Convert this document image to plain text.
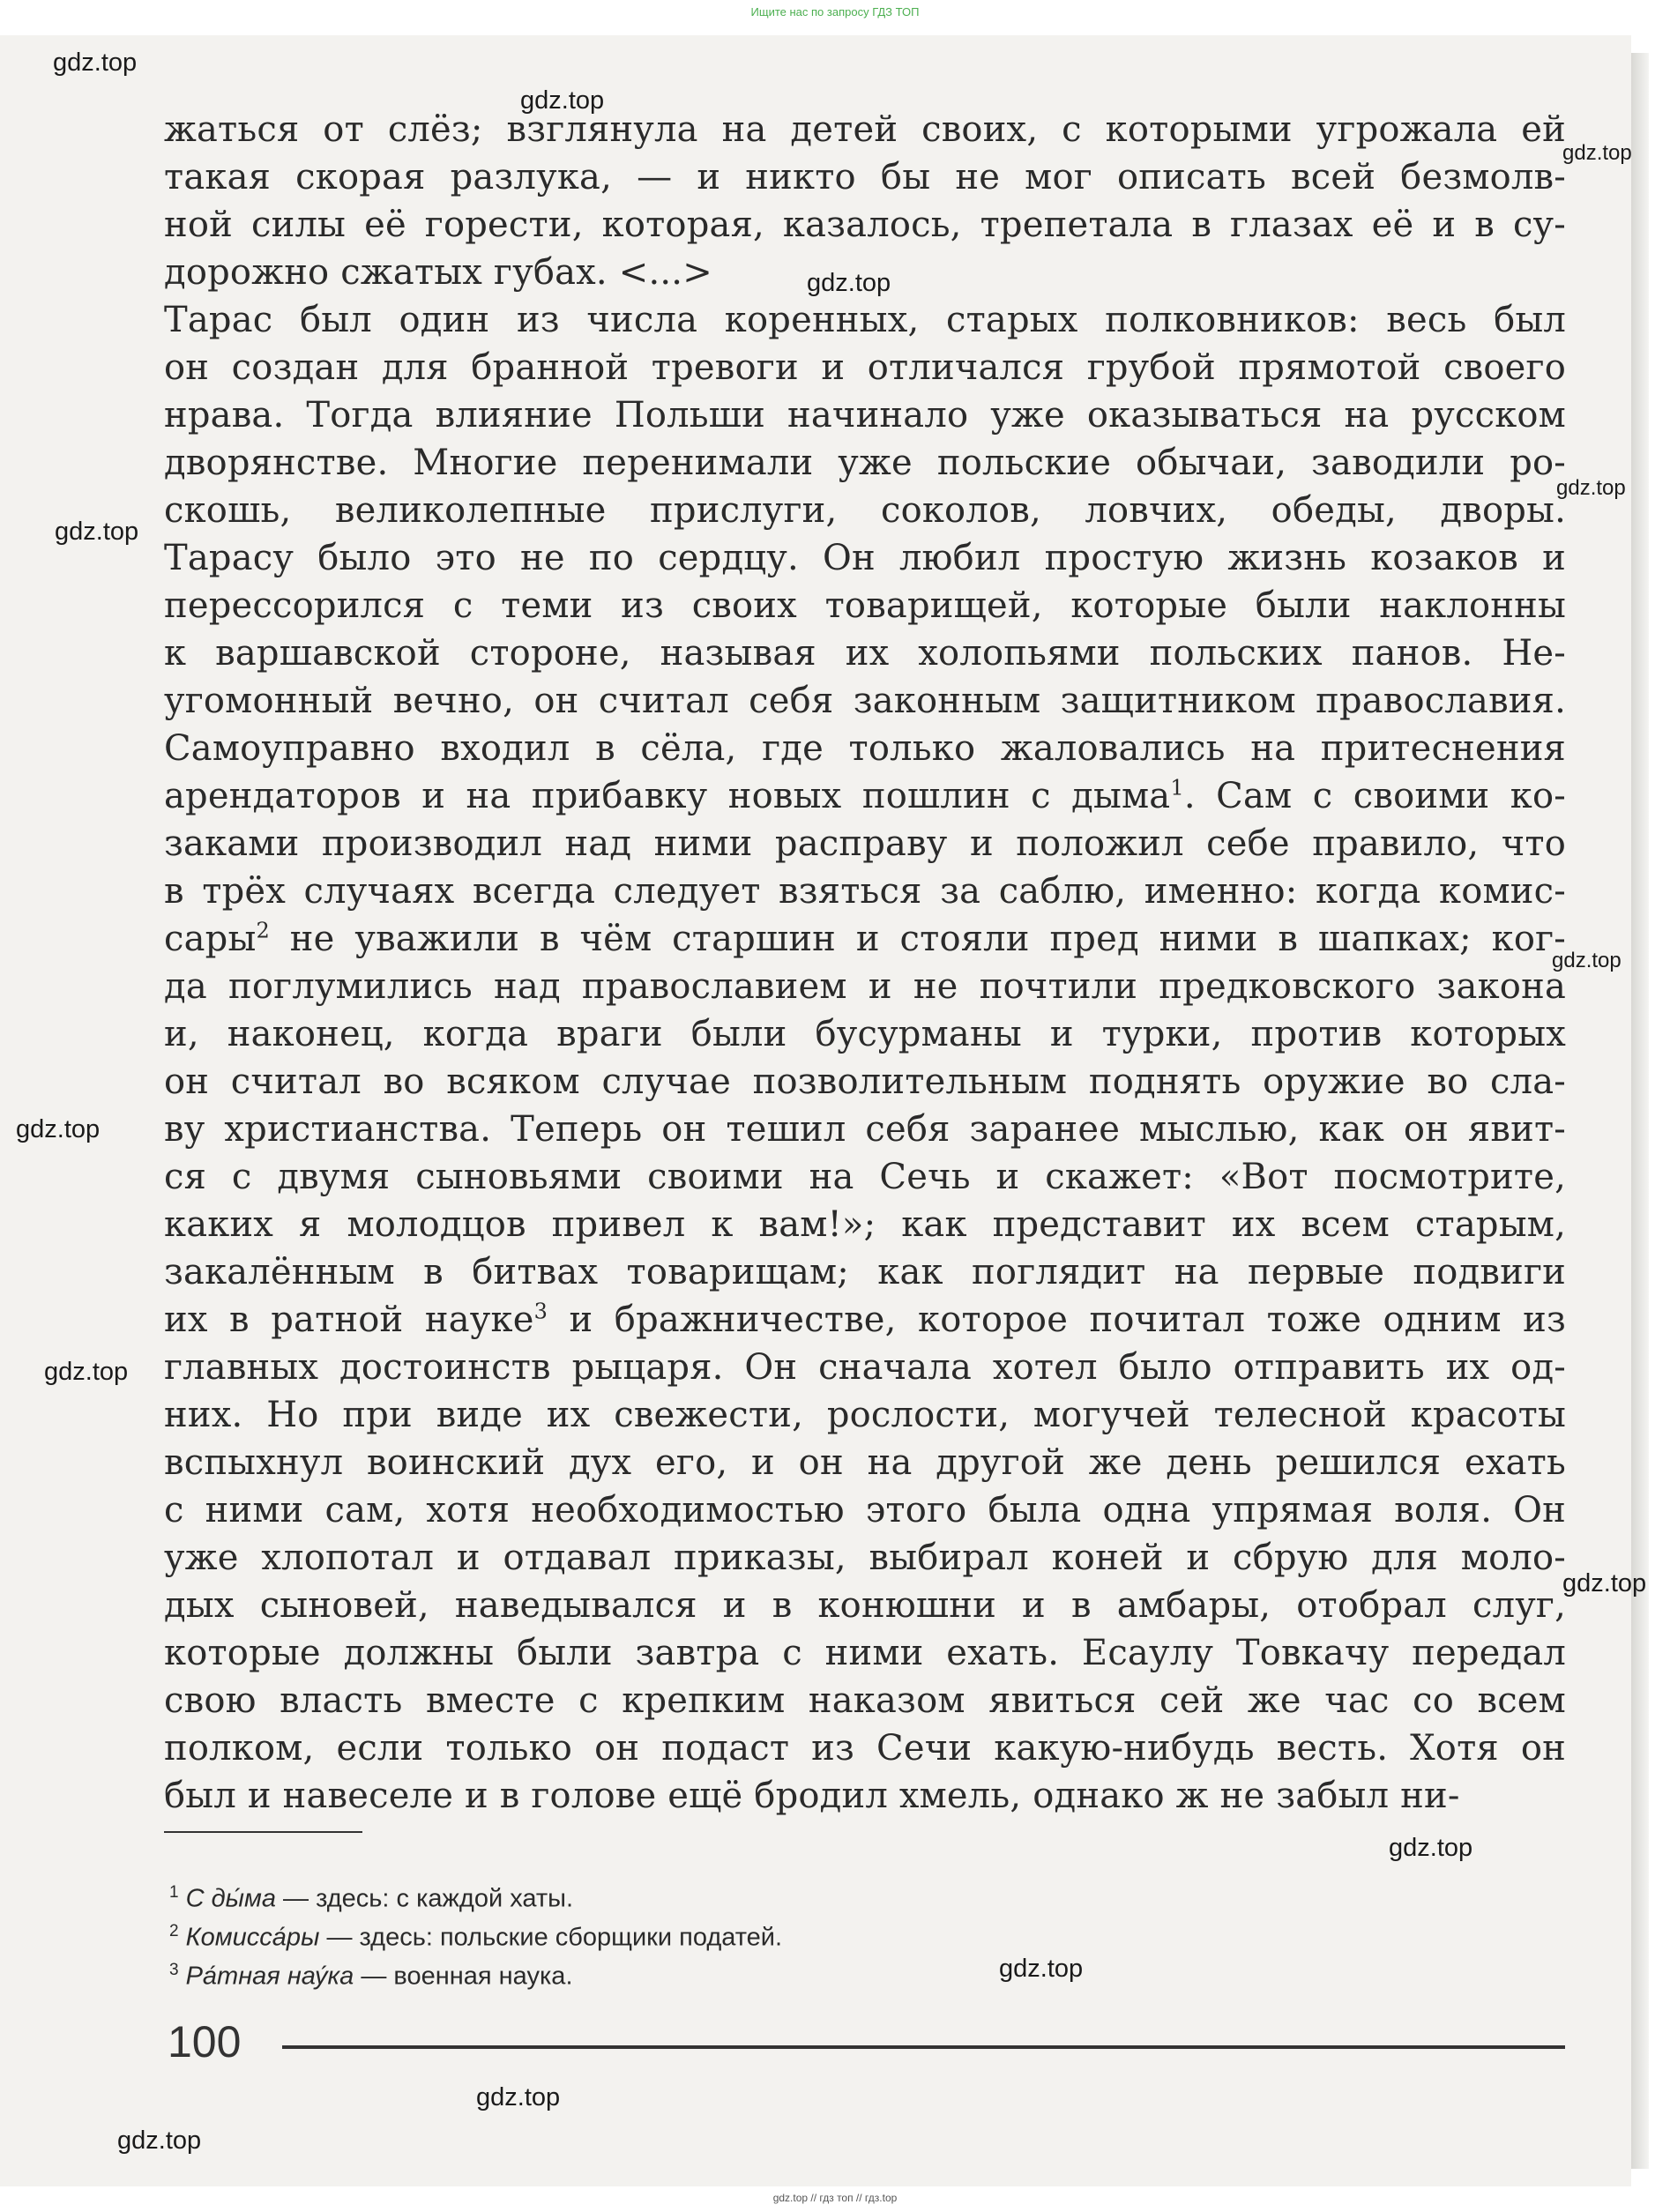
Ищите нас по запросу ГДЗ ТОП
жаться от слёз; взглянула на детей своих, с которыми угрожала ей
такая скорая разлука, — и никто бы не мог описать всей безмолв-
ной силы её горести, которая, казалось, трепетала в глазах её и в су-
дорожно сжатых губах. <...>
Тарас был один из числа коренных, старых полковников: весь был
он создан для бранной тревоги и отличался грубой прямотой своего
нрава. Тогда влияние Польши начинало уже оказываться на русском
дворянстве. Многие перенимали уже польские обычаи, заводили ро-
скошь, великолепные прислуги, соколов, ловчих, обеды, дворы.
Тарасу было это не по сердцу. Он любил простую жизнь козаков и
перессорился с теми из своих товарищей, которые были наклонны
к варшавской стороне, называя их холопьями польских панов. Не-
угомонный вечно, он считал себя законным защитником православия.
Самоуправно входил в сёла, где только жаловались на притеснения
арендаторов и на прибавку новых пошлин с дыма$^1$. Сам с своими ко-
заками производил над ними расправу и положил себе правило, что
в трёх случаях всегда следует взяться за саблю, именно: когда комис-
сары$^2$ не уважили в чём старшин и стояли пред ними в шапках; ког-
да поглумились над православием и не почтили предковского закона
и, наконец, когда враги были бусурманы и турки, против которых
он считал во всяком случае позволительным поднять оружие во сла-
ву христианства. Теперь он тешил себя заранее мыслью, как он явит-
ся с двумя сыновьями своими на Сечь и скажет: «Вот посмотрите,
каких я молодцов привел к вам!»; как представит их всем старым,
закалённым в битвах товарищам; как поглядит на первые подвиги
их в ратной науке$^3$ и бражничестве, которое почитал тоже одним из
главных достоинств рыцаря. Он сначала хотел было отправить их од-
них. Но при виде их свежести, рослости, могучей телесной красоты
вспыхнул воинский дух его, и он на другой же день решился ехать
с ними сам, хотя необходимостью этого была одна упрямая воля. Он
уже хлопотал и отдавал приказы, выбирал коней и сбрую для моло-
дых сыновей, наведывался и в конюшни и в амбары, отобрал слуг,
которые должны были завтра с ними ехать. Есаулу Товкачу передал
свою власть вместе с крепким наказом явиться сей же час со всем
полком, если только он подаст из Сечи какую-нибудь весть. Хотя он
был и навеселе и в голове ещё бродил хмель, однако ж не забыл ни-
$^1$ С ды́ма — здесь: с каждой хаты.
$^2$ Комисса́ры — здесь: польские сборщики податей.
$^3$ Ра́тная нау́ка — военная наука.
100
gdz.top
gdz.top
gdz.top
gdz.top
gdz.top
gdz.top
gdz.top
gdz.top
gdz.top
gdz.top
gdz.top
gdz.top
gdz.top
gdz.top
gdz.top // гдз топ // гдз.top
